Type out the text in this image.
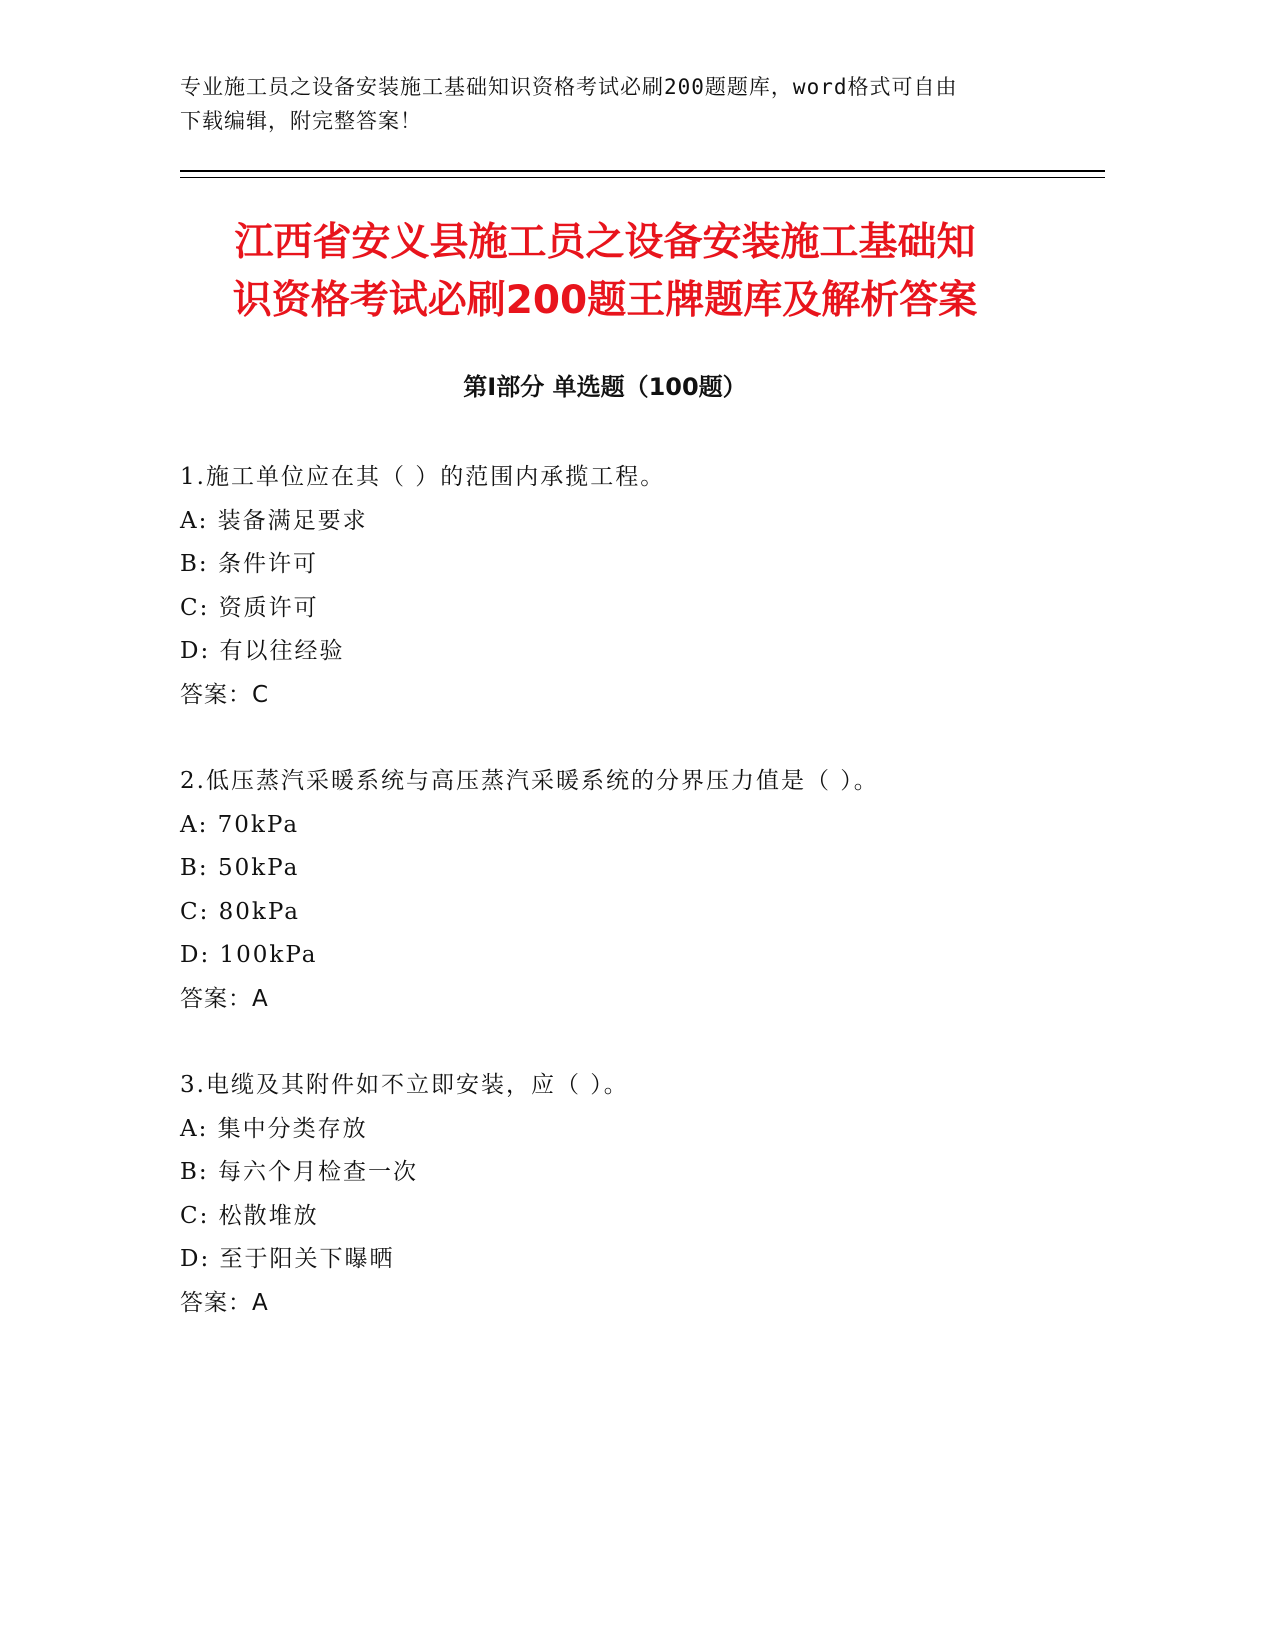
专业施工员之设备安装施工基础知识资格考试必刷200题题库，word格式可自由
下载编辑，附完整答案！
江西省安义县施工员之设备安装施工基础知
识资格考试必刷200题王牌题库及解析答案
第Ⅰ部分 单选题（100题）
1.施工单位应在其（ ）的范围内承揽工程。
A: 装备满足要求
B: 条件许可
C: 资质许可
D: 有以往经验
答案：C
2.低压蒸汽采暖系统与高压蒸汽采暖系统的分界压力值是（ ）。
A: 70kPa
B: 50kPa
C: 80kPa
D: 100kPa
答案：A
3.电缆及其附件如不立即安装，应（ ）。
A: 集中分类存放
B: 每六个月检查一次
C: 松散堆放
D: 至于阳关下曝晒
答案：A
